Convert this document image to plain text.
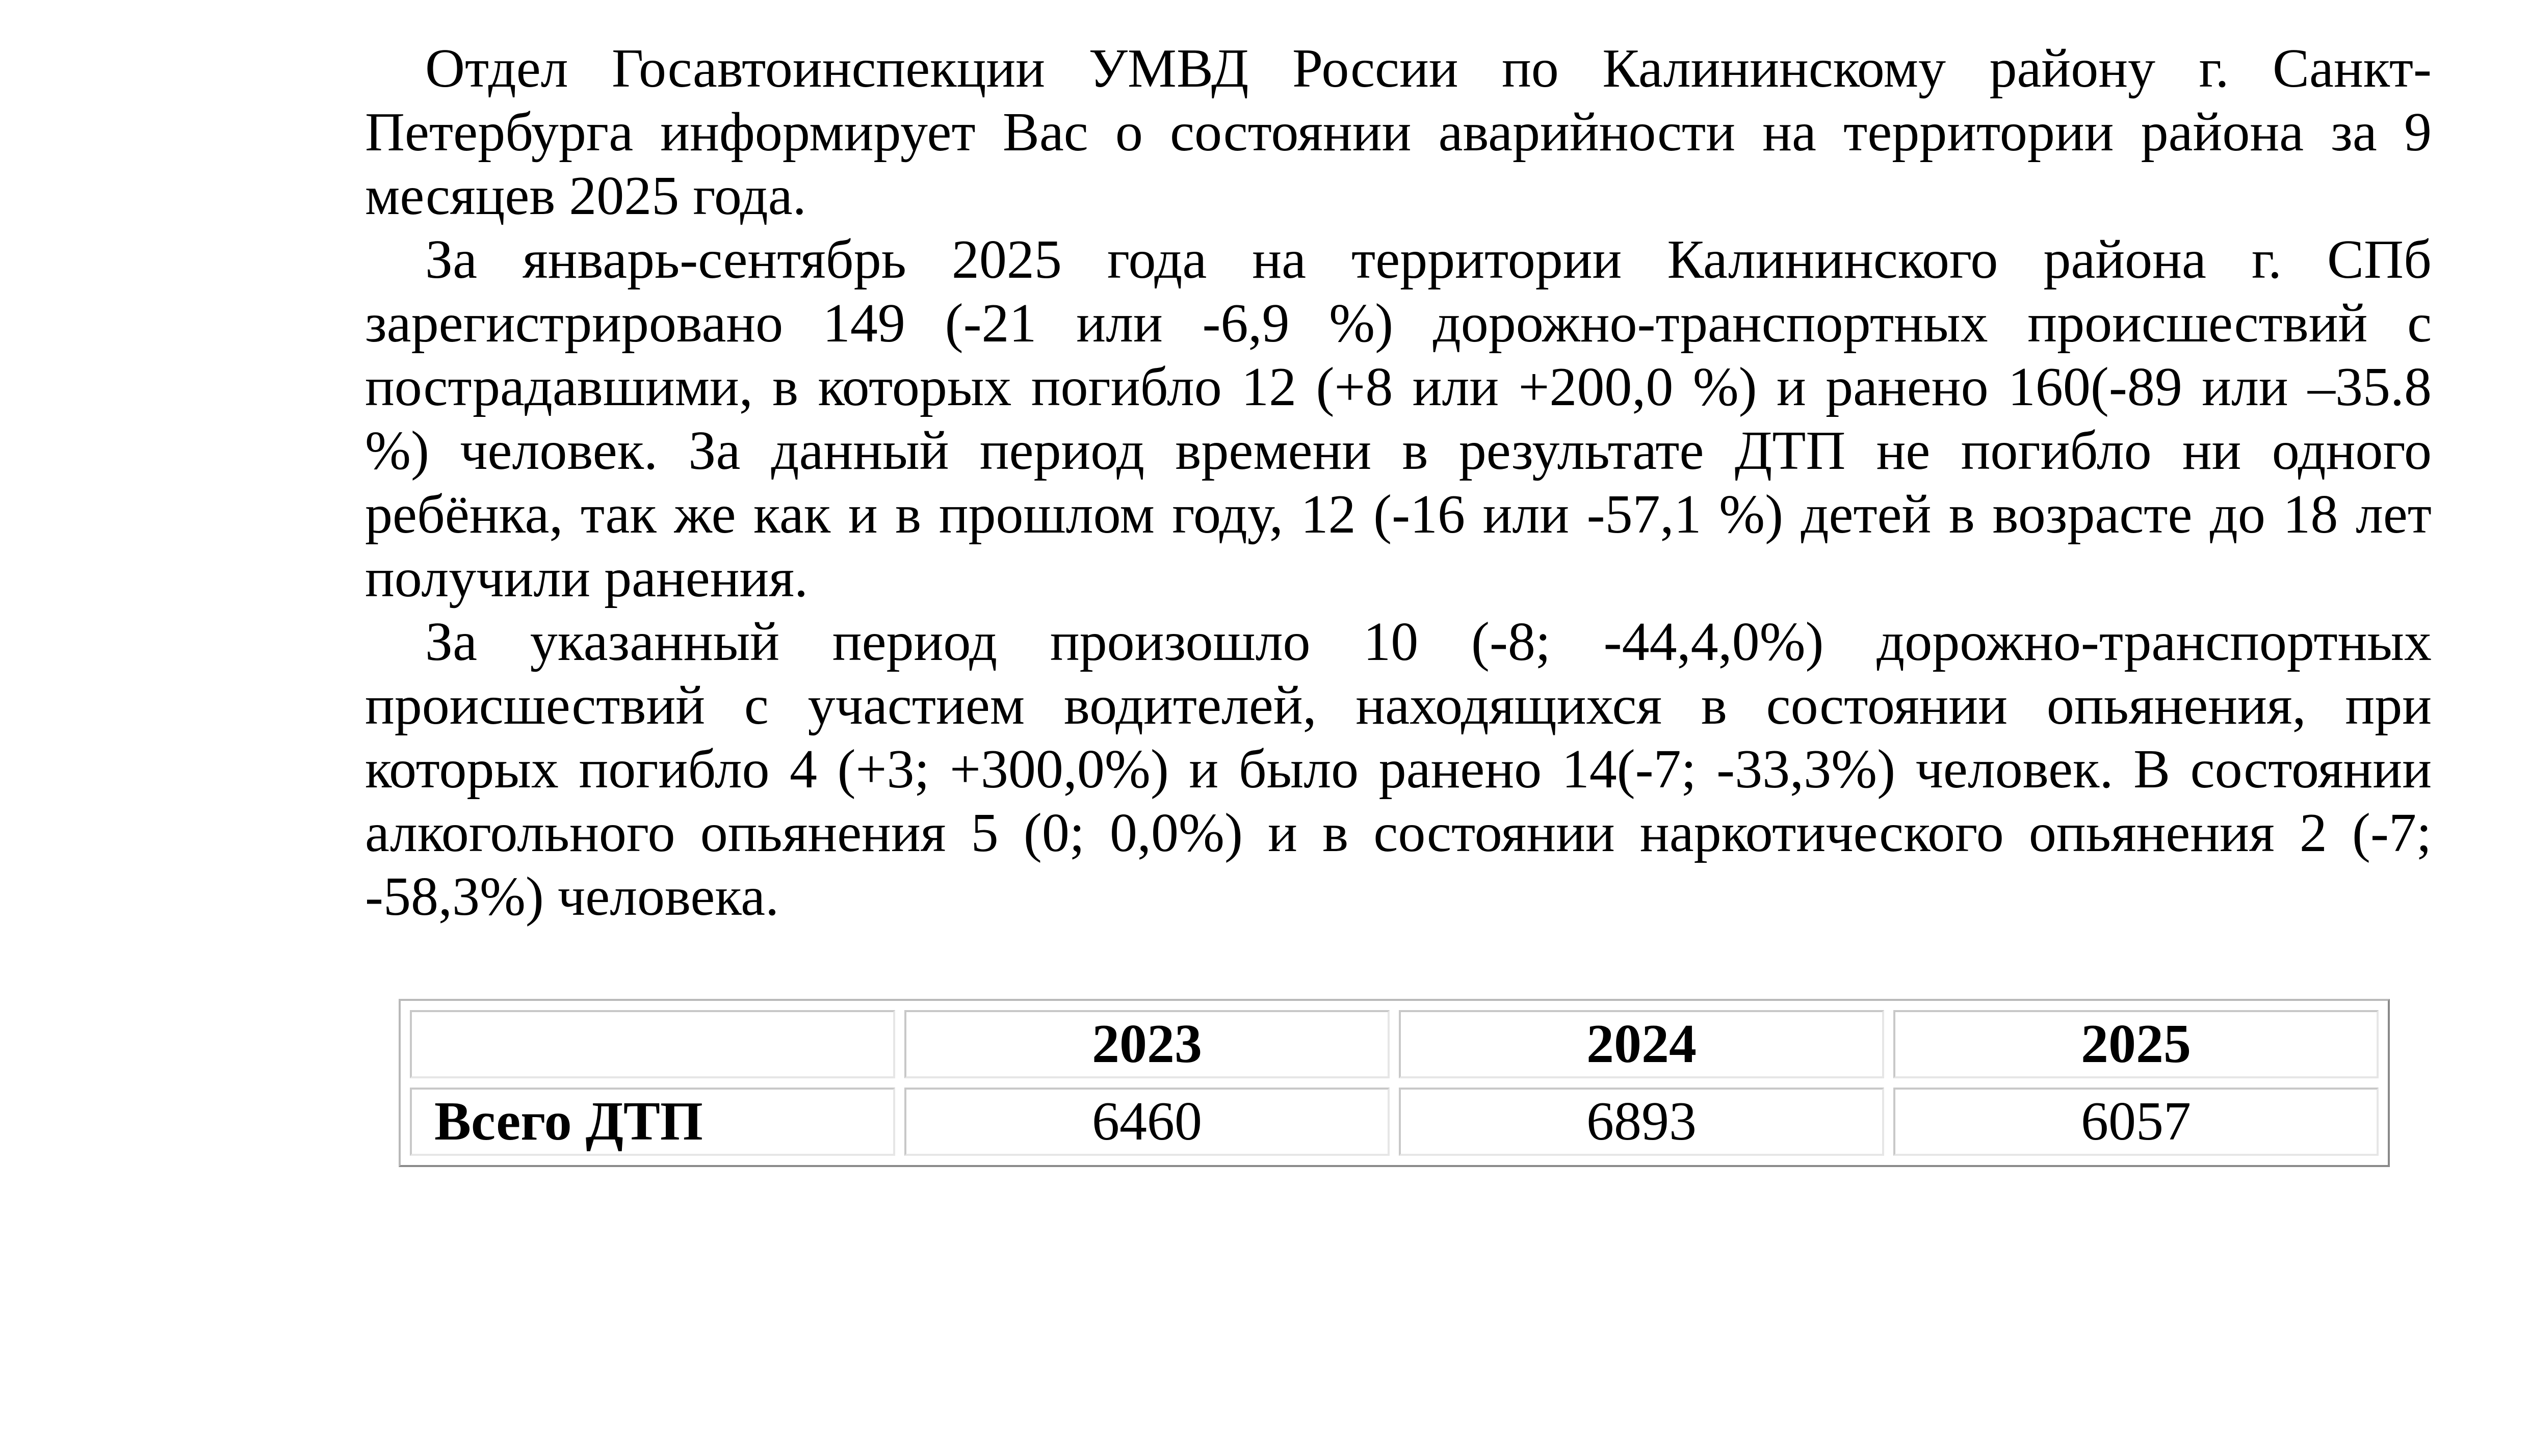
Отдел Госавтоинспекции УМВД России по Калининскому району г. Санкт-Петербурга информирует Вас о состоянии аварийности на территории района за 9 месяцев 2025 года.

За январь-сентябрь 2025 года на территории Калининского района г. СПб зарегистрировано 149 (-21 или -6,9 %) дорожно-транспортных происшествий с пострадавшими, в которых погибло 12 (+8 или +200,0 %) и ранено 160(-89 или –35.8 %) человек. За данный период времени в результате ДТП не погибло ни одного ребёнка, так же как и в прошлом году, 12 (-16 или -57,1 %) детей в возрасте до 18 лет получили ранения.

За указанный период произошло 10 (-8; -44,4,0%) дорожно-транспортных происшествий с участием водителей, находящихся в состоянии опьянения, при которых погибло 4 (+3; +300,0%) и было ранено 14(-7; -33,3%) человек. В состоянии алкогольного опьянения 5 (0; 0,0%) и в состоянии наркотического опьянения 2 (-7; -58,3%) человека.

	2023	2024	2025
Всего ДТП	6460	6893	6057
